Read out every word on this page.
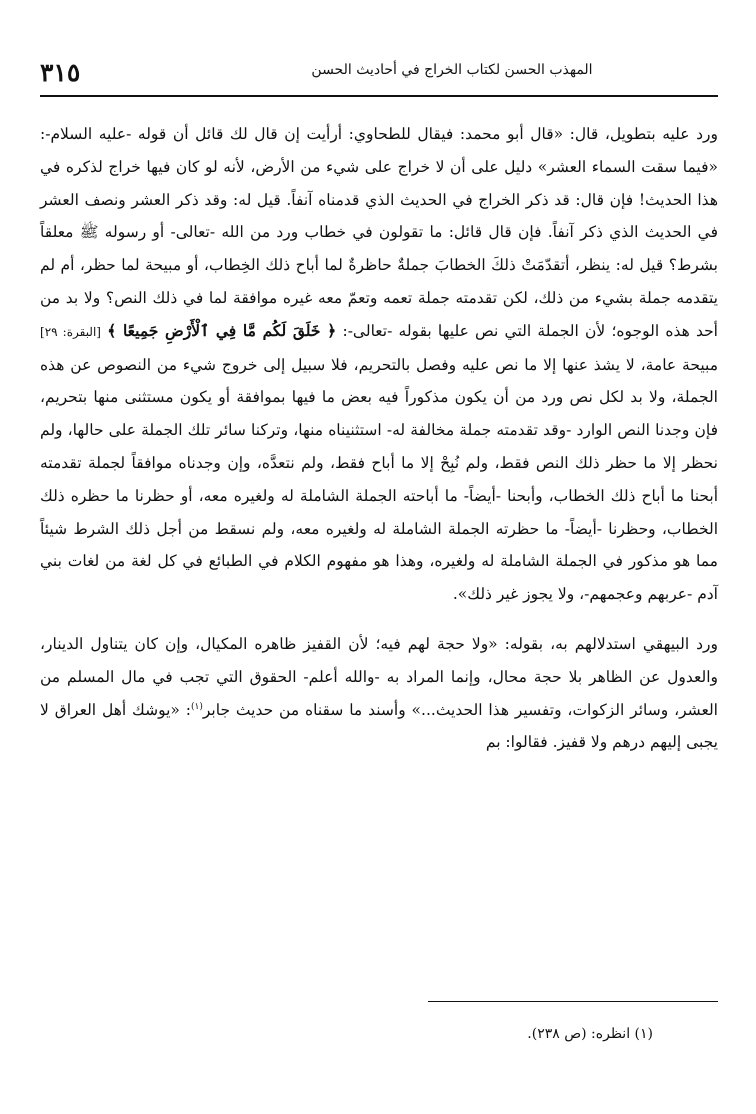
٣١٥	المهذب الحسن لكتاب الخراج في أحاديث الحسن

ورد عليه بتطويل، قال: «قال أبو محمد: فيقال للطحاوي: أرأيت إن قال لك قائل أن قوله -عليه السلام-: «فيما سقت السماء العشر» دليل على أن لا خراج على شيء من الأرض، لأنه لو كان فيها خراج لذكره في هذا الحديث! فإن قال: قد ذكر الخراج في الحديث الذي قدمناه آنفاً. قيل له: وقد ذكر العشر ونصف العشر في الحديث الذي ذكر آنفاً. فإن قال قائل: ما تقولون في خطاب ورد من الله -تعالى- أو رسوله ﷺ معلقاً بشرط؟ قيل له: ينظر، أتقدّمَتْ ذلكَ الخطابَ جملةٌ حاظرةٌ لما أباح ذلك الخِطاب، أو مبيحة لما حظر، أم لم يتقدمه جملة بشيء من ذلك، لكن تقدمته جملة تعمه وتعمّ معه غيره موافقة لما في ذلك النص؟ ولا بد من أحد هذه الوجوه؛ لأن الجملة التي نص عليها بقوله -تعالى-: ﴿ خَلَقَ لَكُم مَّا فِي ٱلْأَرْضِ جَمِيعًا ﴾ [البقرة: ٢٩] مبيحة عامة، لا يشذ عنها إلا ما نص عليه وفصل بالتحريم، فلا سبيل إلى خروج شيء من النصوص عن هذه الجملة، ولا بد لكل نص ورد من أن يكون مذكوراً فيه بعض ما فيها بموافقة أو يكون مستثنى منها بتحريم، فإن وجدنا النص الوارد -وقد تقدمته جملة مخالفة له- استثنيناه منها، وتركنا سائر تلك الجملة على حالها، ولم نحظر إلا ما حظر ذلك النص فقط، ولم نُبِحْ إلا ما أباح فقط، ولم نتعدَّه، وإن وجدناه موافقاً لجملة تقدمته أبحنا ما أباح ذلك الخطاب، وأبحنا -أيضاً- ما أباحته الجملة الشاملة له ولغيره معه، أو حظرنا ما حظره ذلك الخطاب، وحظرنا -أيضاً- ما حظرته الجملة الشاملة له ولغيره معه، ولم نسقط من أجل ذلك الشرط شيئاً مما هو مذكور في الجملة الشاملة له ولغيره، وهذا هو مفهوم الكلام في الطبائع في كل لغة من لغات بني آدم -عربهم وعجمهم-، ولا يجوز غير ذلك».

ورد البيهقي استدلالهم به، بقوله: «ولا حجة لهم فيه؛ لأن القفيز ظاهره المكيال، وإن كان يتناول الدينار، والعدول عن الظاهر بلا حجة محال، وإنما المراد به -والله أعلم- الحقوق التي تجب في مال المسلم من العشر، وسائر الزكوات، وتفسير هذا الحديث...» وأسند ما سقناه من حديث جابر$^{(١)}$: «يوشك أهل العراق لا يجبى إليهم درهم ولا قفيز. فقالوا: بم

(١) انظره: (ص ٢٣٨).
